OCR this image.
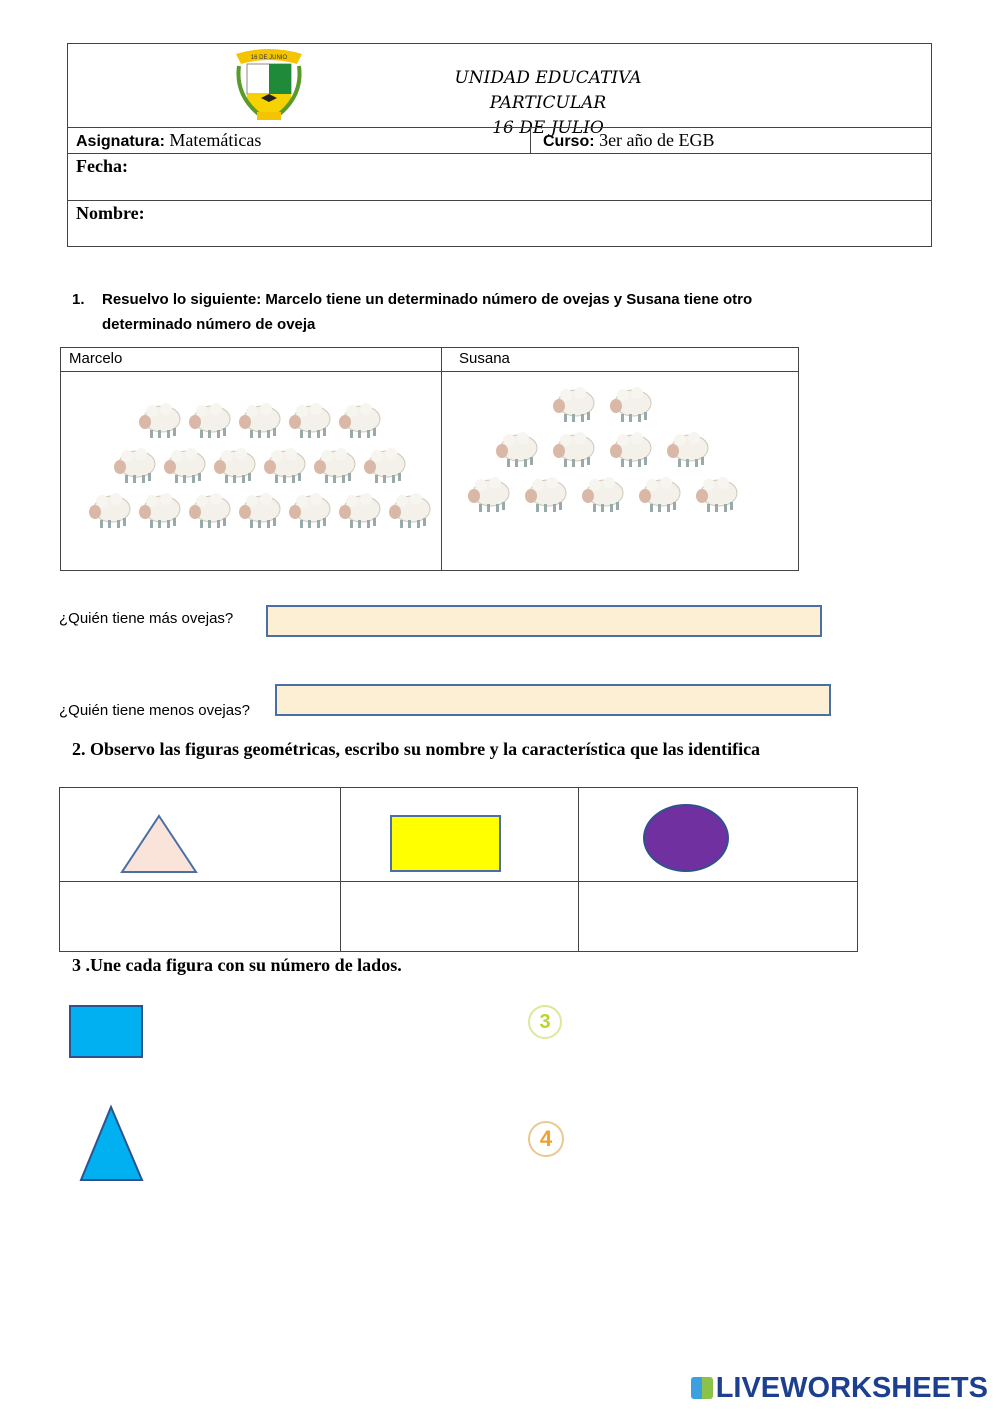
16 DE JUNIO
UNIDAD EDUCATIVA PARTICULAR
16 DE JULIO
Asignatura: Matemáticas	Curso: 3er año de EGB
Fecha:
Nombre:
1. Resuelvo lo siguiente: Marcelo tiene un determinado número de ovejas y Susana tiene otro determinado número de oveja
Marcelo	Susana
¿Quién tiene más ovejas?
¿Quién tiene menos ovejas?
2. Observo las figuras geométricas, escribo su nombre y la característica que las identifica
3 .Une cada figura con su número de lados.
3
4
LIVEWORKSHEETS
